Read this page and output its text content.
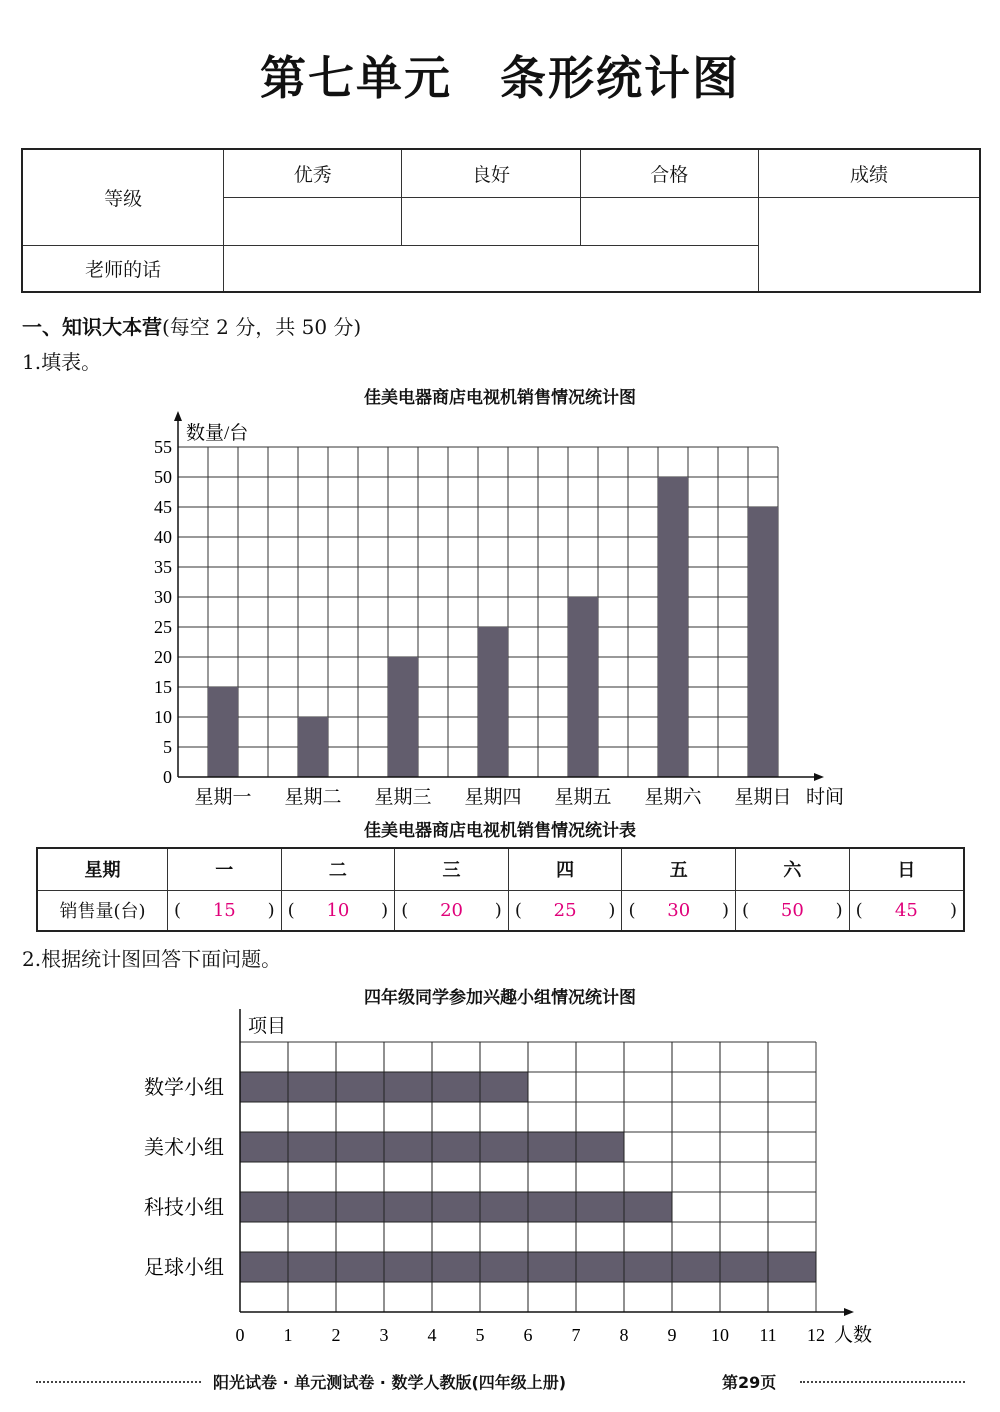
第七单元　条形统计图
等级	优秀	良好	合格	成绩

老师的话				
一、知识大本营(每空 2 分，共 50 分)
1.填表。
佳美电器商店电视机销售情况统计图
0
5
10
15
20
25
30
35
40
45
50
55
星期一 星期二 星期三 星期四 星期五 星期六 星期日 时间
数量/台
佳美电器商店电视机销售情况统计表
星期	一	二	三	四	五	六	日
销售量(台)	( 15 )	( 10 )	( 20 )	( 25 )	( 30 )	( 50 )	( 45 )
2.根据统计图回答下面问题。
四年级同学参加兴趣小组情况统计图
数学小组
美术小组
科技小组
足球小组
0 1 2 3 4 5 6 7 8 9 10 11 12 人数
项目
阳光试卷 · 单元测试卷 · 数学人教版(四年级上册)	第29页
